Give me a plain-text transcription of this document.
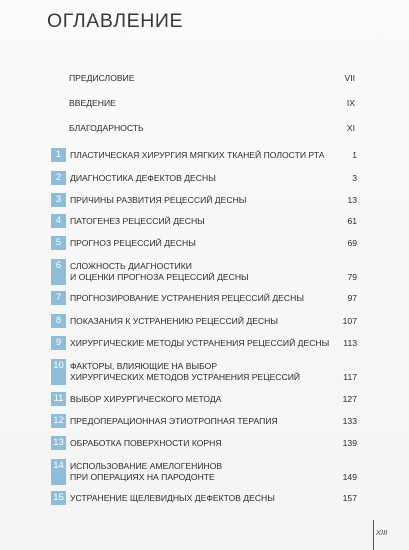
ОГЛАВЛЕНИЕ
ПРЕДИСЛОВИЕ	VII
ВВЕДЕНИЕ	IX
БЛАГОДАРНОСТЬ	XI
1	ПЛАСТИЧЕСКАЯ ХИРУРГИЯ МЯГКИХ ТКАНЕЙ ПОЛОСТИ РТА	1
2	ДИАГНОСТИКА ДЕФЕКТОВ ДЕСНЫ	3
3	ПРИЧИНЫ РАЗВИТИЯ РЕЦЕССИЙ ДЕСНЫ	13
4	ПАТОГЕНЕЗ РЕЦЕССИЙ ДЕСНЫ	61
5	ПРОГНОЗ РЕЦЕССИЙ ДЕСНЫ	69
6	СЛОЖНОСТЬ ДИАГНОСТИКИ
И ОЦЕНКИ ПРОГНОЗА РЕЦЕССИЙ ДЕСНЫ	79
7	ПРОГНОЗИРОВАНИЕ УСТРАНЕНИЯ РЕЦЕССИЙ ДЕСНЫ	97
8	ПОКАЗАНИЯ К УСТРАНЕНИЮ РЕЦЕССИЙ ДЕСНЫ	107
9	ХИРУРГИЧЕСКИЕ МЕТОДЫ УСТРАНЕНИЯ РЕЦЕССИЙ ДЕСНЫ 113
10 ФАКТОРЫ, ВЛИЯЮЩИЕ НА ВЫБОР
ХИРУРГИЧЕСКИХ МЕТОДОВ УСТРАНЕНИЯ РЕЦЕССИЙ	117
11 ВЫБОР ХИРУРГИЧЕСКОГО МЕТОДА	127
12 ПРЕДОПЕРАЦИОННАЯ ЭТИОТРОПНАЯ ТЕРАПИЯ	133
13 ОБРАБОТКА ПОВЕРХНОСТИ КОРНЯ	139
14 ИСПОЛЬЗОВАНИЕ АМЕЛОГЕНИНОВ
ПРИ ОПЕРАЦИЯХ НА ПАРОДОНТЕ	149
15 УСТРАНЕНИЕ ЩЕЛЕВИДНЫХ ДЕФЕКТОВ ДЕСНЫ	157
XIII
